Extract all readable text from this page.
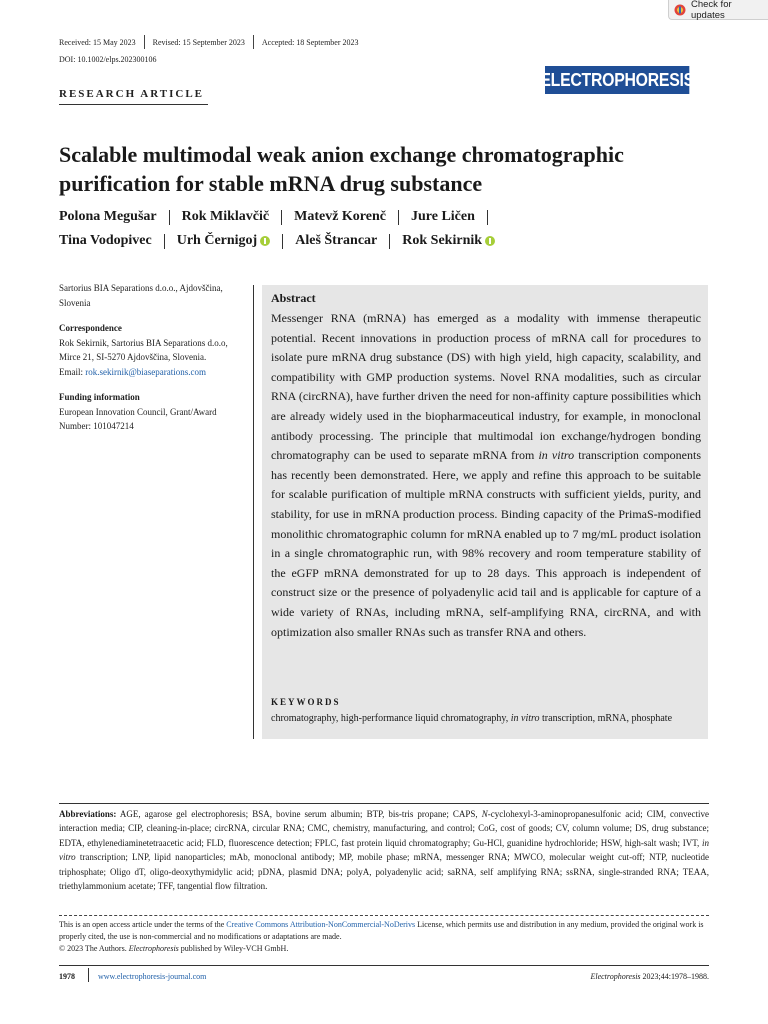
Check for updates
Received: 15 May 2023 Revised: 15 September 2023 Accepted: 18 September 2023
DOI: 10.1002/elps.202300106
ELECTROPHORESIS
RESEARCH ARTICLE
Scalable multimodal weak anion exchange chromatographic purification for stable mRNA drug substance
Polona Megušar Rok Miklavčič Matevž Korenč Jure Ličen
Tina Vodopivec Urh Černigoj	Aleš Štrancar Rok Sekirnik

Sartorius BIA Separations d.o.o., Ajdovščina, Slovenia

Correspondence

Rok Sekirnik, Sartorius BIA Separations d.o.o, Mirce 21, SI-5270 Ajdovščina, Slovenia.

Email: rok.sekirnik@biaseparations.com

Funding information

European Innovation Council, Grant/Award Number: 101047214

Abstract
Messenger RNA (mRNA) has emerged as a modality with immense therapeutic potential. Recent innovations in production process of mRNA call for procedures to isolate pure mRNA drug substance (DS) with high yield, high capacity, scalability, and compatibility with GMP production systems. Novel RNA modalities, such as circular RNA (circRNA), have further driven the need for non-affinity capture possibilities which are already widely used in the biopharmaceutical industry, for example, in monoclonal antibody processing. The principle that multimodal ion exchange/hydrogen bonding chromatography can be used to separate mRNA from in vitro transcription components has recently been demonstrated. Here, we apply and refine this approach to be suitable for scalable purification of multiple mRNA constructs with sufficient yields, purity, and stability, for use in mRNA production process. Binding capacity of the PrimaS-modified monolithic chromatographic column for mRNA enabled up to 7 mg/mL product isolation in a single chromatographic run, with 98% recovery and room temperature stability of the eGFP mRNA demonstrated for up to 28 days. This approach is independent of construct size or the presence of polyadenylic acid tail and is applicable for capture of a wide variety of RNAs, including mRNA, self-amplifying RNA, circRNA, and with optimization also smaller RNAs such as transfer RNA and others.
KEYWORDS
chromatography, high-performance liquid chromatography, in vitro transcription, mRNA, phosphate
Abbreviations: AGE, agarose gel electrophoresis; BSA, bovine serum albumin; BTP, bis-tris propane; CAPS, N-cyclohexyl-3-aminopropanesulfonic acid; CIM, convective interaction media; CIP, cleaning-in-place; circRNA, circular RNA; CMC, chemistry, manufacturing, and control; CoG, cost of goods; CV, column volume; DS, drug substance; EDTA, ethylenediaminetetraacetic acid; FLD, fluorescence detection; FPLC, fast protein liquid chromatography; Gu-HCl, guanidine hydrochloride; HSW, high-salt wash; IVT, in vitro transcription; LNP, lipid nanoparticles; mAb, monoclonal antibody; MP, mobile phase; mRNA, messenger RNA; MWCO, molecular weight cut-off; NTP, nucleotide triphosphate; Oligo dT, oligo-deoxythymidylic acid; pDNA, plasmid DNA; polyA, polyadenylic acid; saRNA, self amplifying RNA; ssRNA, single-stranded RNA; TEAA, triethylammonium acetate; TFF, tangential flow filtration.
This is an open access article under the terms of the Creative Commons Attribution-NonCommercial-NoDerivs License, which permits use and distribution in any medium, provided the original work is properly cited, the use is non-commercial and no modifications or adaptations are made.
© 2023 The Authors. Electrophoresis published by Wiley-VCH GmbH.
1978	www.electrophoresis-journal.com	Electrophoresis 2023;44:1978–1988.
